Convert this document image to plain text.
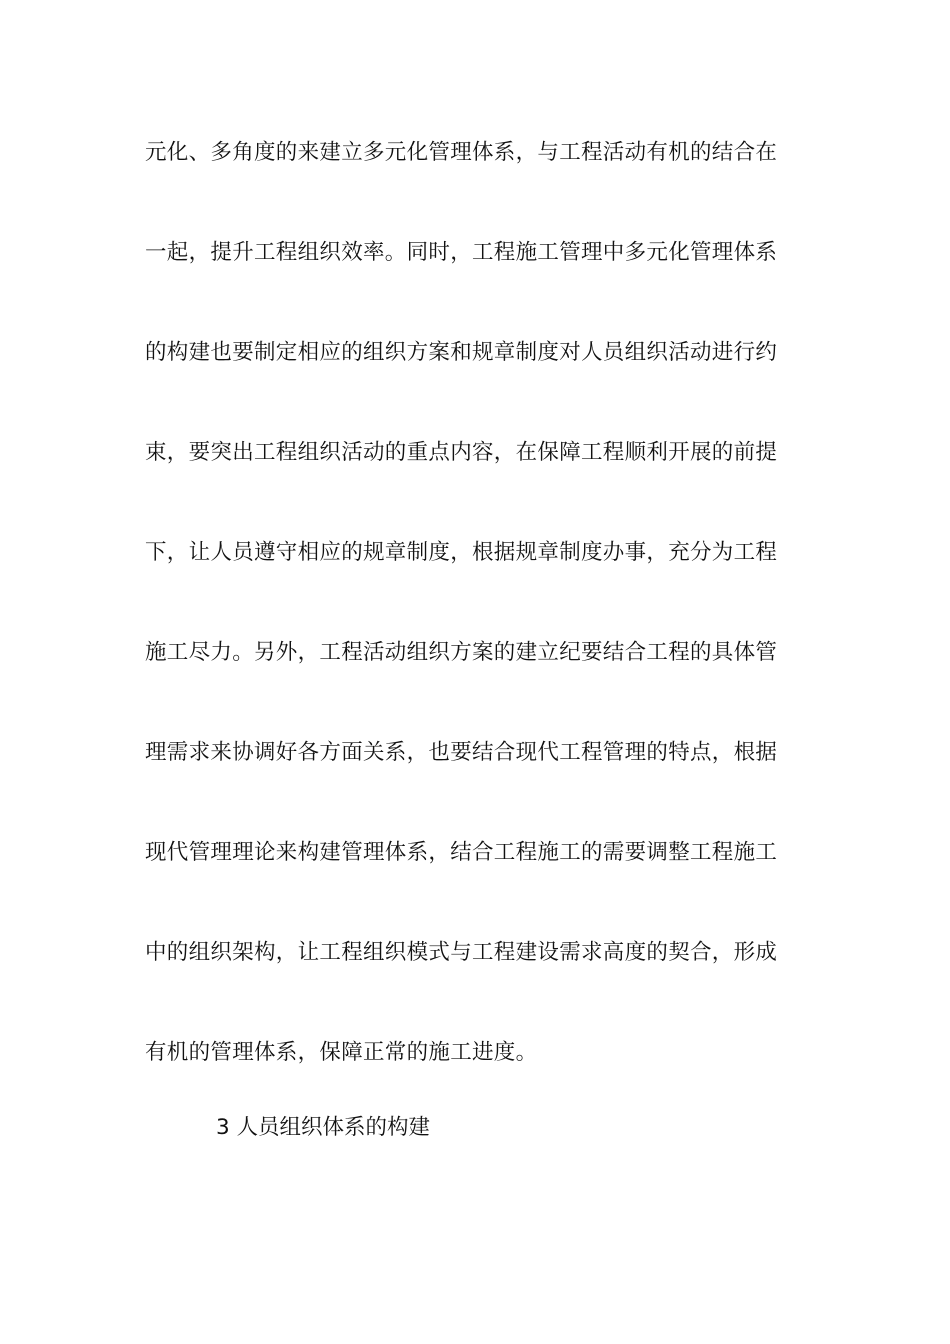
元化、多角度的来建立多元化管理体系，与工程活动有机的结合在
一起，提升工程组织效率。同时，工程施工管理中多元化管理体系
的构建也要制定相应的组织方案和规章制度对人员组织活动进行约
束，要突出工程组织活动的重点内容，在保障工程顺利开展的前提
下，让人员遵守相应的规章制度，根据规章制度办事，充分为工程
施工尽力。另外，工程活动组织方案的建立纪要结合工程的具体管
理需求来协调好各方面关系，也要结合现代工程管理的特点，根据
现代管理理论来构建管理体系，结合工程施工的需要调整工程施工
中的组织架构，让工程组织模式与工程建设需求高度的契合，形成
有机的管理体系，保障正常的施工进度。
3 人员组织体系的构建
